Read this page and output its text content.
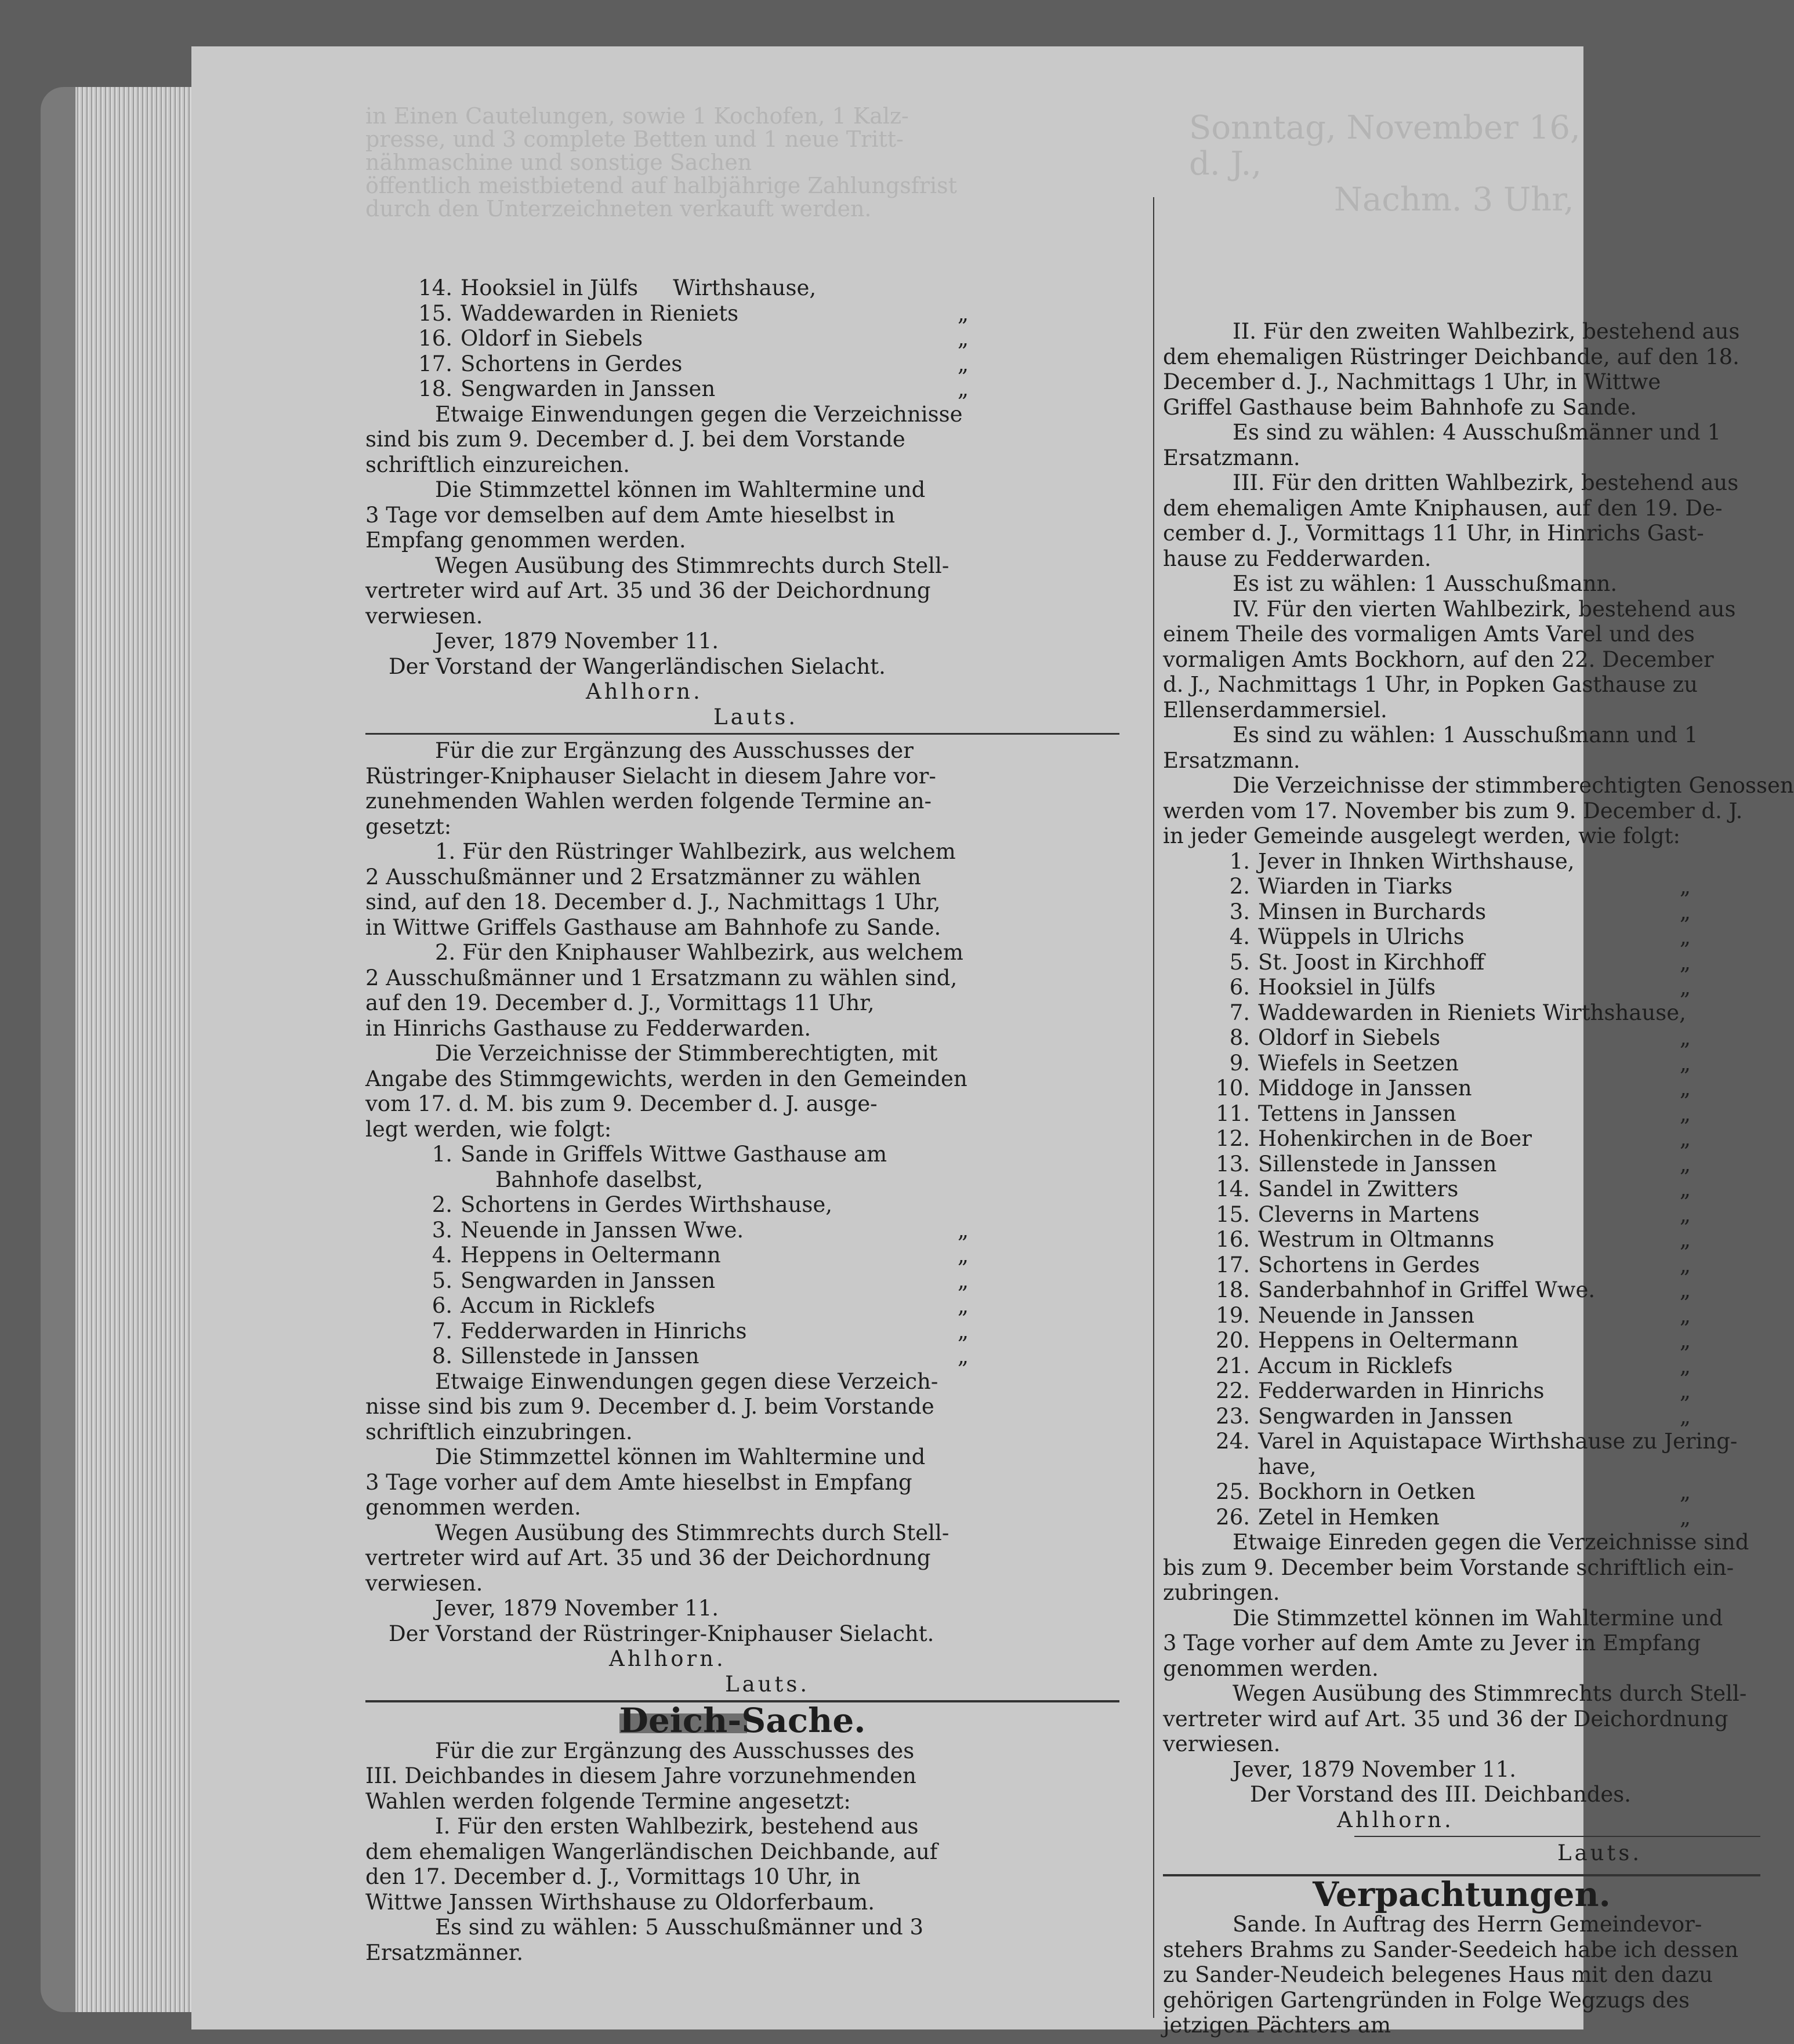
in Einen Cautelungen, sowie 1 Kochofen, 1 Kalz-
presse, und 3 complete Betten und 1 neue Tritt-
nähmaschine und sonstige Sachen
öffentlich meistbietend auf halbjährige Zahlungsfrist
durch den Unterzeichneten verkauft werden.
Sonntag, November 16, d. J.,
Nachm. 3 Uhr,
14. Hooksiel in Jülfs Wirthshause,
15. Waddewarden in Rieniets	„
16. Oldorf in Siebels	„
17. Schortens in Gerdes	„
18. Sengwarden in Janssen	„
Etwaige Einwendungen gegen die Verzeichnisse
sind bis zum 9. December d. J. bei dem Vorstande
schriftlich einzureichen.
Die Stimmzettel können im Wahltermine und
3 Tage vor demselben auf dem Amte hieselbst in
Empfang genommen werden.
Wegen Ausübung des Stimmrechts durch Stell-
vertreter wird auf Art. 35 und 36 der Deichordnung
verwiesen.
Jever, 1879 November 11.
Der Vorstand der Wangerländischen Sielacht.
Ahlhorn.
Lauts.
Für die zur Ergänzung des Ausschusses der
Rüstringer-Kniphauser Sielacht in diesem Jahre vor-
zunehmenden Wahlen werden folgende Termine an-
gesetzt:
1. Für den Rüstringer Wahlbezirk, aus welchem
2 Ausschußmänner und 2 Ersatzmänner zu wählen
sind, auf den 18. December d. J., Nachmittags 1 Uhr,
in Wittwe Griffels Gasthause am Bahnhofe zu Sande.
2. Für den Kniphauser Wahlbezirk, aus welchem
2 Ausschußmänner und 1 Ersatzmann zu wählen sind,
auf den 19. December d. J., Vormittags 11 Uhr,
in Hinrichs Gasthause zu Fedderwarden.
Die Verzeichnisse der Stimmberechtigten, mit
Angabe des Stimmgewichts, werden in den Gemeinden
vom 17. d. M. bis zum 9. December d. J. ausge-
legt werden, wie folgt:
1. Sande in Griffels Wittwe Gasthause am
Bahnhofe daselbst,
2. Schortens in Gerdes Wirthshause,
3. Neuende in Janssen Wwe.	„
4. Heppens in Oeltermann	„
5. Sengwarden in Janssen	„
6. Accum in Ricklefs	„
7. Fedderwarden in Hinrichs	„
8. Sillenstede in Janssen	„
Etwaige Einwendungen gegen diese Verzeich-
nisse sind bis zum 9. December d. J. beim Vorstande
schriftlich einzubringen.
Die Stimmzettel können im Wahltermine und
3 Tage vorher auf dem Amte hieselbst in Empfang
genommen werden.
Wegen Ausübung des Stimmrechts durch Stell-
vertreter wird auf Art. 35 und 36 der Deichordnung
verwiesen.
Jever, 1879 November 11.
Der Vorstand der Rüstringer-Kniphauser Sielacht.
Ahlhorn.
Lauts.
Deich-Sache.
Für die zur Ergänzung des Ausschusses des
III. Deichbandes in diesem Jahre vorzunehmenden
Wahlen werden folgende Termine angesetzt:
I. Für den ersten Wahlbezirk, bestehend aus
dem ehemaligen Wangerländischen Deichbande, auf
den 17. December d. J., Vormittags 10 Uhr, in
Wittwe Janssen Wirthshause zu Oldorferbaum.
Es sind zu wählen: 5 Ausschußmänner und 3
Ersatzmänner.
II. Für den zweiten Wahlbezirk, bestehend aus
dem ehemaligen Rüstringer Deichbande, auf den 18.
December d. J., Nachmittags 1 Uhr, in Wittwe
Griffel Gasthause beim Bahnhofe zu Sande.
Es sind zu wählen: 4 Ausschußmänner und 1
Ersatzmann.
III. Für den dritten Wahlbezirk, bestehend aus
dem ehemaligen Amte Kniphausen, auf den 19. De-
cember d. J., Vormittags 11 Uhr, in Hinrichs Gast-
hause zu Fedderwarden.
Es ist zu wählen: 1 Ausschußmann.
IV. Für den vierten Wahlbezirk, bestehend aus
einem Theile des vormaligen Amts Varel und des
vormaligen Amts Bockhorn, auf den 22. December
d. J., Nachmittags 1 Uhr, in Popken Gasthause zu
Ellenserdammersiel.
Es sind zu wählen: 1 Ausschußmann und 1
Ersatzmann.
Die Verzeichnisse der stimmberechtigten Genossen
werden vom 17. November bis zum 9. December d. J.
in jeder Gemeinde ausgelegt werden, wie folgt:
1. Jever in Ihnken Wirthshause,
2. Wiarden in Tiarks	„
3. Minsen in Burchards	„
4. Wüppels in Ulrichs	„
5. St. Joost in Kirchhoff	„
6. Hooksiel in Jülfs	„
7. Waddewarden in Rieniets Wirthshause,
8. Oldorf in Siebels	„
9. Wiefels in Seetzen	„
10. Middoge in Janssen	„
11. Tettens in Janssen	„
12. Hohenkirchen in de Boer	„
13. Sillenstede in Janssen	„
14. Sandel in Zwitters	„
15. Cleverns in Martens	„
16. Westrum in Oltmanns	„
17. Schortens in Gerdes	„
18. Sanderbahnhof in Griffel Wwe.	„
19. Neuende in Janssen	„
20. Heppens in Oeltermann	„
21. Accum in Ricklefs	„
22. Fedderwarden in Hinrichs	„
23. Sengwarden in Janssen	„
24. Varel in Aquistapace Wirthshause zu Jering-
have,
25. Bockhorn in Oetken	„
26. Zetel in Hemken	„
Etwaige Einreden gegen die Verzeichnisse sind
bis zum 9. December beim Vorstande schriftlich ein-
zubringen.
Die Stimmzettel können im Wahltermine und
3 Tage vorher auf dem Amte zu Jever in Empfang
genommen werden.
Wegen Ausübung des Stimmrechts durch Stell-
vertreter wird auf Art. 35 und 36 der Deichordnung
verwiesen.
Jever, 1879 November 11.
Der Vorstand des III. Deichbandes.
Ahlhorn.
Lauts.
Verpachtungen.
Sande. In Auftrag des Herrn Gemeindevor-
stehers Brahms zu Sander-Seedeich habe ich dessen
zu Sander-Neudeich belegenes Haus mit den dazu
gehörigen Gartengründen in Folge Wegzugs des
jetzigen Pächters am
